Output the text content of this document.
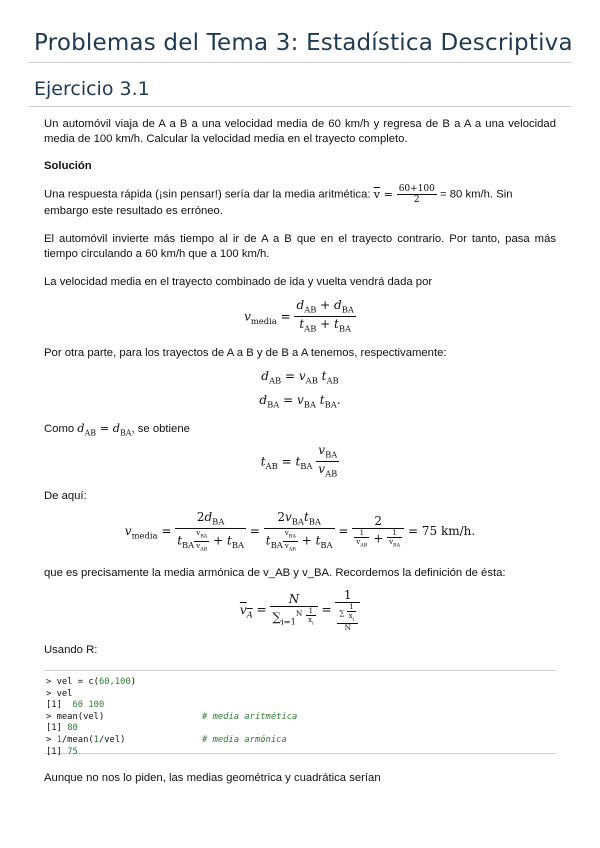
Problemas del Tema 3: Estadística Descriptiva
Ejercicio 3.1
Un automóvil viaja de A a B a una velocidad media de 60 km/h y regresa de B a A a una velocidad media de 100 km/h. Calcular la velocidad media en el trayecto completo.
Solución
Una respuesta rápida (¡sin pensar!) sería dar la media aritmética: $\overline{v} = \frac{60+100}{2} = 80$ km/h. Sin
embargo este resultado es erróneo.
El automóvil invierte más tiempo al ir de A a B que en el trayecto contrario. Por tanto, pasa más tiempo circulando a 60 km/h que a 100 km/h.
La velocidad media en el trayecto combinado de ida y vuelta vendrá dada por
$v_{media} = \frac{d_{AB} + d_{BA}}{t_{AB} + t_{BA}}$
Por otra parte, para los trayectos de A a B y de B a A tenemos, respectivamente:
$d_{AB} = v_{AB}$ $t_{AB}$
$d_{BA} = v_{BA}$ $t_{BA}$.
Como $d_{AB} = d_{BA}$, se obtiene
$t_{AB} = t_{BA} \frac{v_{BA}}{v_{AB}}$
De aquí:
$v_{media} = \frac{2d_{BA}}{t_{BA} \frac{v_{BA}}{v_{AB}} + t_{BA}} = \frac{2v_{BA}t_{BA}}{t_{BA} \frac{v_{BA}}{v_{AB}} + t_{BA}} = \frac{2}{\frac{1}{v_{AB}} + \frac{1}{v_{BA}}} = 75$ km/h.
que es precisamente la media armónica de v_AB y v_BA. Recordemos la definición de ésta:
$v_A = \frac{N}{\sum_{i=1}^N \frac{1}{x_i}} = \frac{1}{\frac{\sum \frac{1}{x_i}}{N}}$
Usando R:
> vel = c(60,100)
> vel
[1]  60 100
> mean(vel)	# media aritmética
[1] 80
> 1/mean(1/vel)	# media armónica
[1] 75
Aunque no nos lo piden, las medias geométrica y cuadrática serían
